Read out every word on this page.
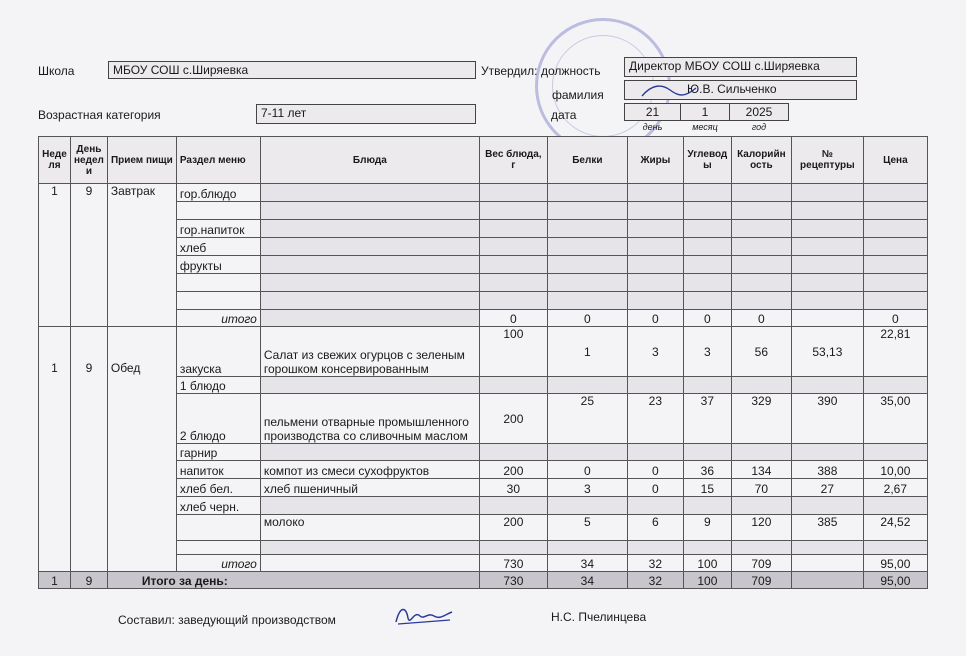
Школа	МБОУ СОШ с.Ширяевка	Утвердил: должность	Директор МБОУ СОШ с.Ширяевка
фамилия	Ю.В. Сильченко
Возрастная категория	7-11 лет	дата	21	1	2025
день	месяц	год
Неде ля	День недел и	Прием пищи	Раздел меню	Блюда	Вес блюда, г	Белки	Жиры	Углевод ы	Калорийн ость	№ рецептуры	Цена
1	9	Завтрак	гор.блюдо								

			гор.напиток								
			хлеб								
			фрукты								

			итого		0	0	0	0	0		0
1	9	Обед	закуска	Салат из свежих огурцов с зеленым горошком консервированным	100	1	3	3	56	53,13	22,81
			1 блюдо								
			2 блюдо	пельмени отварные промышленного производства со сливочным маслом	200	25	23	37	329	390	35,00
			гарнир								
			напиток	компот из смеси сухофруктов	200	0	0	36	134	388	10,00
			хлеб бел.	хлеб пшеничный	30	3	0	15	70	27	2,67
			хлеб черн.								
				молоко	200	5	6	9	120	385	24,52

			итого		730	34	32	100	709		95,00
1	9	Итого за день:			730	34	32	100	709		95,00
Составил: заведующий производством	Н.С. Пчелинцева
